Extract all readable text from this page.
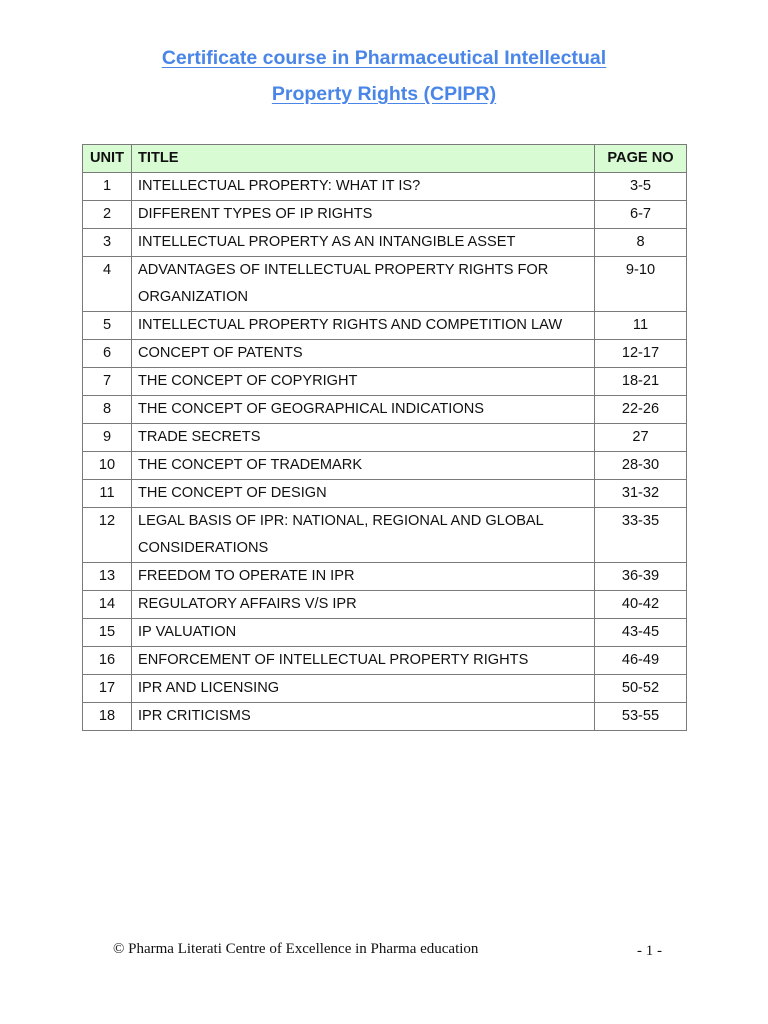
Certificate course in Pharmaceutical Intellectual
Property Rights (CPIPR)
UNIT	TITLE	PAGE NO
1	INTELLECTUAL PROPERTY: WHAT IT IS?	3-5
2	DIFFERENT TYPES OF IP RIGHTS	6-7
3	INTELLECTUAL PROPERTY AS AN INTANGIBLE ASSET	8
4	ADVANTAGES OF INTELLECTUAL PROPERTY RIGHTS FOR ORGANIZATION	9-10
5	INTELLECTUAL PROPERTY RIGHTS AND COMPETITION LAW	11
6	CONCEPT OF PATENTS	12-17
7	THE CONCEPT OF COPYRIGHT	18-21
8	THE CONCEPT OF GEOGRAPHICAL INDICATIONS	22-26
9	TRADE SECRETS	27
10	THE CONCEPT OF TRADEMARK	28-30
11	THE CONCEPT OF DESIGN	31-32
12	LEGAL BASIS OF IPR: NATIONAL, REGIONAL AND GLOBAL CONSIDERATIONS	33-35
13	FREEDOM TO OPERATE IN IPR	36-39
14	REGULATORY AFFAIRS V/S IPR	40-42
15	IP VALUATION	43-45
16	ENFORCEMENT OF INTELLECTUAL PROPERTY RIGHTS	46-49
17	IPR AND LICENSING	50-52
18	IPR CRITICISMS	53-55
© Pharma Literati Centre of Excellence in Pharma education	- 1 -
